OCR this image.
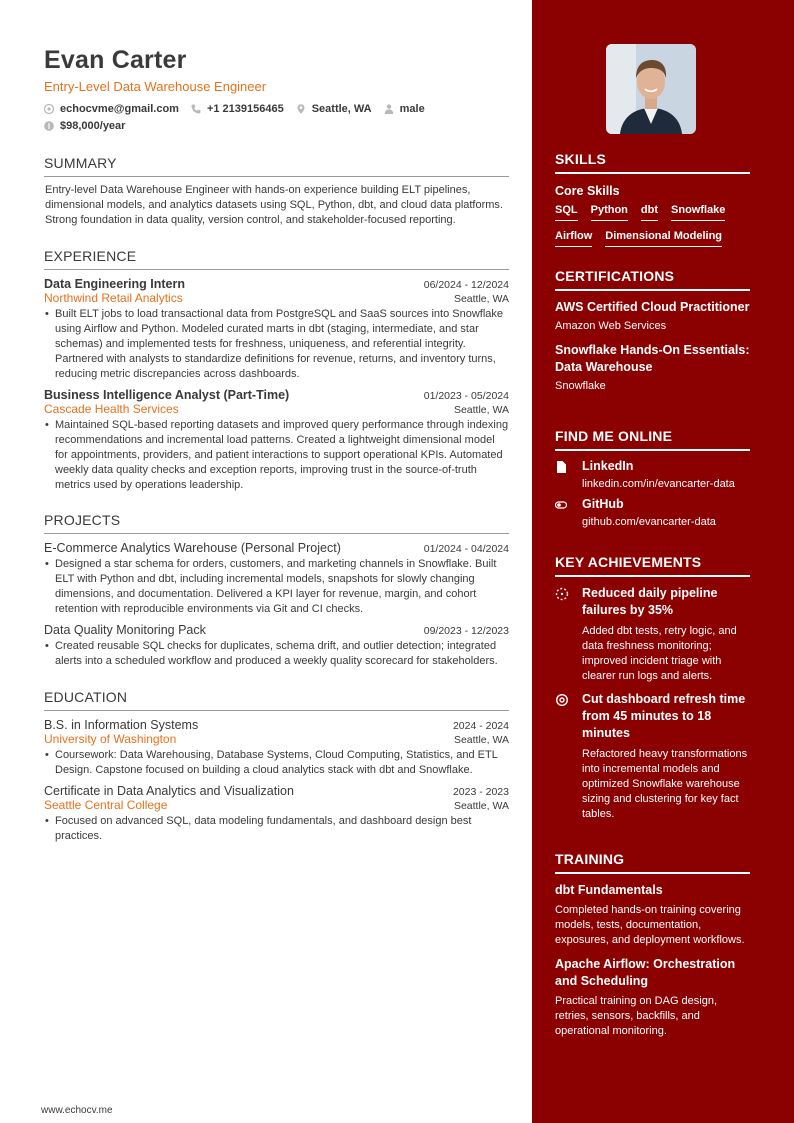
Evan Carter
Entry-Level Data Warehouse Engineer
echocvme@gmail.com	+1 2139156465	Seattle, WA	male
$98,000/year
SUMMARY
Entry-level Data Warehouse Engineer with hands-on experience building ELT pipelines, dimensional models, and analytics datasets using SQL, Python, dbt, and cloud data platforms. Strong foundation in data quality, version control, and stakeholder-focused reporting.
EXPERIENCE
Data Engineering Intern	06/2024 - 12/2024
Northwind Retail Analytics	Seattle, WA
• Built ELT jobs to load transactional data from PostgreSQL and SaaS sources into Snowflake using Airflow and Python. Modeled curated marts in dbt (staging, intermediate, and star schemas) and implemented tests for freshness, uniqueness, and referential integrity. Partnered with analysts to standardize definitions for revenue, returns, and inventory turns, reducing metric discrepancies across dashboards.
Business Intelligence Analyst (Part-Time)	01/2023 - 05/2024
Cascade Health Services	Seattle, WA
• Maintained SQL-based reporting datasets and improved query performance through indexing recommendations and incremental load patterns. Created a lightweight dimensional model for appointments, providers, and patient interactions to support operational KPIs. Automated weekly data quality checks and exception reports, improving trust in the source-of-truth metrics used by operations leadership.
PROJECTS
E-Commerce Analytics Warehouse (Personal Project)	01/2024 - 04/2024
• Designed a star schema for orders, customers, and marketing channels in Snowflake. Built ELT with Python and dbt, including incremental models, snapshots for slowly changing dimensions, and documentation. Delivered a KPI layer for revenue, margin, and cohort retention with reproducible environments via Git and CI checks.
Data Quality Monitoring Pack	09/2023 - 12/2023
• Created reusable SQL checks for duplicates, schema drift, and outlier detection; integrated alerts into a scheduled workflow and produced a weekly quality scorecard for stakeholders.
EDUCATION
B.S. in Information Systems	2024 - 2024
University of Washington	Seattle, WA
• Coursework: Data Warehousing, Database Systems, Cloud Computing, Statistics, and ETL Design. Capstone focused on building a cloud analytics stack with dbt and Snowflake.
Certificate in Data Analytics and Visualization	2023 - 2023
Seattle Central College	Seattle, WA
• Focused on advanced SQL, data modeling fundamentals, and dashboard design best practices.
SKILLS
Core Skills
SQL Python dbt Snowflake
Airflow Dimensional Modeling
CERTIFICATIONS
AWS Certified Cloud Practitioner
Amazon Web Services
Snowflake Hands-On Essentials: Data Warehouse
Snowflake
FIND ME ONLINE
LinkedIn
linkedin.com/in/evancarter-data
GitHub
github.com/evancarter-data
KEY ACHIEVEMENTS
Reduced daily pipeline failures by 35%
Added dbt tests, retry logic, and data freshness monitoring; improved incident triage with clearer run logs and alerts.
Cut dashboard refresh time from 45 minutes to 18 minutes
Refactored heavy transformations into incremental models and optimized Snowflake warehouse sizing and clustering for key fact tables.
TRAINING
dbt Fundamentals
Completed hands-on training covering models, tests, documentation, exposures, and deployment workflows.
Apache Airflow: Orchestration and Scheduling
Practical training on DAG design, retries, sensors, backfills, and operational monitoring.
www.echocv.me
